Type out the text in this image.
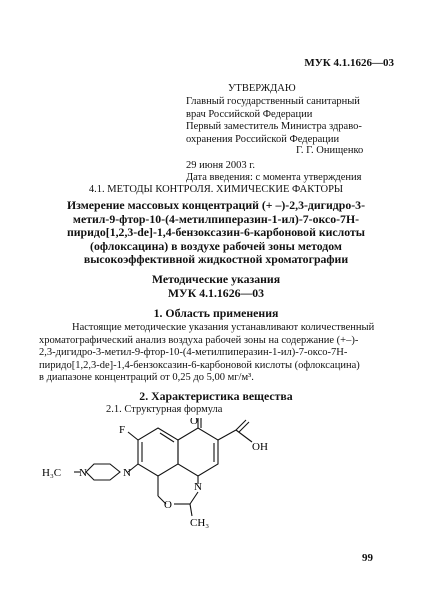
МУК 4.1.1626—03
УТВЕРЖДАЮ
Главный государственный санитарный
врач Российской Федерации
Первый заместитель Министра здраво-
охранения Российской Федерации
Г. Г. Онищенко
29 июня 2003 г.
Дата введения: с момента утверждения
4.1. МЕТОДЫ КОНТРОЛЯ. ХИМИЧЕСКИЕ ФАКТОРЫ
Измерение массовых концентраций (+ –)-2,3-дигидро-3-
метил-9-фтор-10-(4-метилпиперазин-1-ил)-7-оксо-7Н-
пиридо[1,2,3-de]-1,4-бензоксазин-6-карбоновой кислоты
(офлоксацина) в воздухе рабочей зоны методом
высокоэффективной жидкостной хроматографии
Методические указания
МУК 4.1.1626—03
1. Область применения
Настоящие методические указания устанавливают количественный
хроматографический анализ воздуха рабочей зоны на содержание (+–)-
2,3-дигидро-3-метил-9-фтор-10-(4-метилпиперазин-1-ил)-7-оксо-7Н-
пиридо[1,2,3-de]-1,4-бензоксазин-6-карбоновой кислоты (офлоксацина)
в диапазоне концентраций от 0,25 до 5,00 мг/м³.
2. Характеристика вещества
2.1. Структурная формула
O
OH
F
N
N
N
H₃C
O
CH₃
99
